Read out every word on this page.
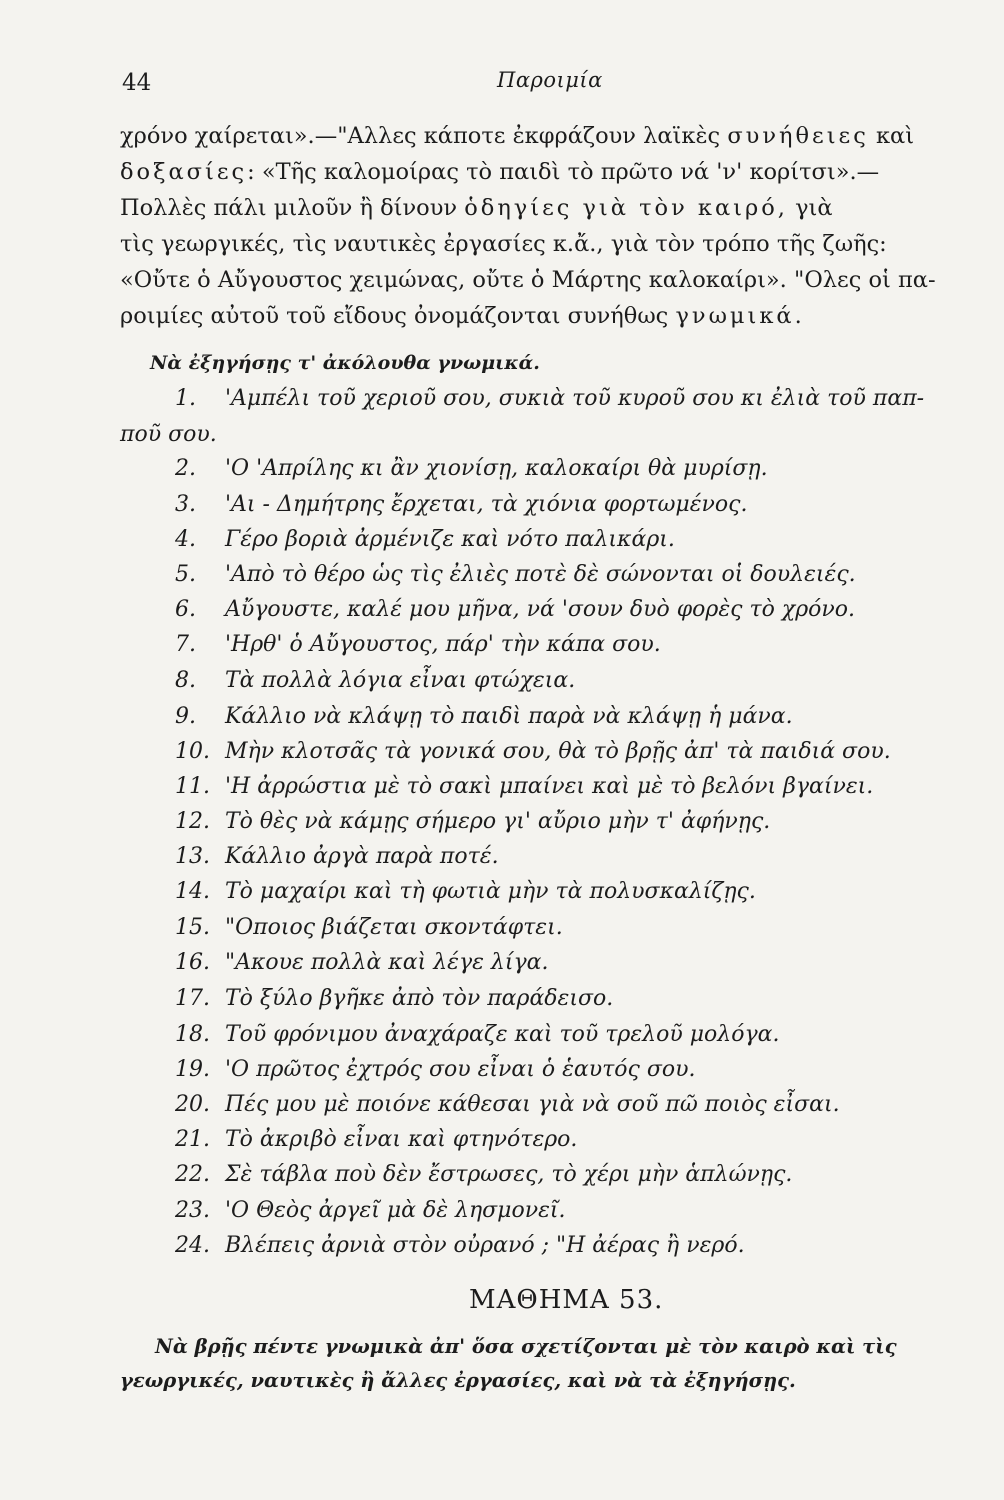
44	Παροιμία
χρόνο χαίρεται».—"Αλλες κάποτε ἐκφράζουν λαϊκὲς συνήθειες καὶ
δοξασίες: «Τῆς καλομοίρας τὸ παιδὶ τὸ πρῶτο νά 'ν' κορίτσι».—
Πολλὲς πάλι μιλοῦν ἢ δίνουν ὁδηγίες γιὰ τὸν καιρό, γιὰ
τὶς γεωργικές, τὶς ναυτικὲς ἐργασίες κ.ἄ., γιὰ τὸν τρόπο τῆς ζωῆς:
«Οὔτε ὁ Αὔγουστος χειμώνας, οὔτε ὁ Μάρτης καλοκαίρι». "Ολες οἱ πα-
ροιμίες αὐτοῦ τοῦ εἴδους ὀνομάζονται συνήθως γνωμικά.
Νὰ ἐξηγήσῃς τ' ἀκόλουθα γνωμικά.
1. 'Αμπέλι τοῦ χεριοῦ σου, συκιὰ τοῦ κυροῦ σου κι ἐλιὰ τοῦ παπ-
ποῦ σου.
2. 'Ο 'Απρίλης κι ἂν χιονίσῃ, καλοκαίρι θὰ μυρίσῃ.
3. 'Αι - Δημήτρης ἔρχεται, τὰ χιόνια φορτωμένος.
4. Γέρο βοριὰ ἀρμένιζε καὶ νότο παλικάρι.
5. 'Απὸ τὸ θέρο ὡς τὶς ἐλιὲς ποτὲ δὲ σώνονται οἱ δουλειές.
6. Αὔγουστε, καλέ μου μῆνα, νά 'σουν δυὸ φορὲς τὸ χρόνο.
7. 'Ηρθ' ὁ Αὔγουστος, πάρ' τὴν κάπα σου.
8. Τὰ πολλὰ λόγια εἶναι φτώχεια.
9. Κάλλιο νὰ κλάψῃ τὸ παιδὶ παρὰ νὰ κλάψῃ ἡ μάνα.
10. Μὴν κλοτσᾶς τὰ γονικά σου, θὰ τὸ βρῇς ἀπ' τὰ παιδιά σου.
11. 'Η ἀρρώστια μὲ τὸ σακὶ μπαίνει καὶ μὲ τὸ βελόνι βγαίνει.
12. Τὸ θὲς νὰ κάμῃς σήμερο γι' αὔριο μὴν τ' ἀφήνῃς.
13. Κάλλιο ἀργὰ παρὰ ποτέ.
14. Τὸ μαχαίρι καὶ τὴ φωτιὰ μὴν τὰ πολυσκαλίζῃς.
15. "Οποιος βιάζεται σκοντάφτει.
16. "Ακουε πολλὰ καὶ λέγε λίγα.
17. Τὸ ξύλο βγῆκε ἀπὸ τὸν παράδεισο.
18. Τοῦ φρόνιμου ἀναχάραζε καὶ τοῦ τρελοῦ μολόγα.
19. 'Ο πρῶτος ἐχτρός σου εἶναι ὁ ἑαυτός σου.
20. Πές μου μὲ ποιόνε κάθεσαι γιὰ νὰ σοῦ πῶ ποιὸς εἶσαι.
21. Τὸ ἀκριβὸ εἶναι καὶ φτηνότερο.
22. Σὲ τάβλα ποὺ δὲν ἔστρωσες, τὸ χέρι μὴν ἁπλώνῃς.
23. 'Ο Θεὸς ἀργεῖ μὰ δὲ λησμονεῖ.
24. Βλέπεις ἀρνιὰ στὸν οὐρανό ; "Η ἀέρας ἢ νερό.
ΜΑΘΗΜΑ 53.
Νὰ βρῇς πέντε γνωμικὰ ἀπ' ὅσα σχετίζονται μὲ τὸν καιρὸ καὶ τὶς
γεωργικές, ναυτικὲς ἢ ἄλλες ἐργασίες, καὶ νὰ τὰ ἐξηγήσῃς.
